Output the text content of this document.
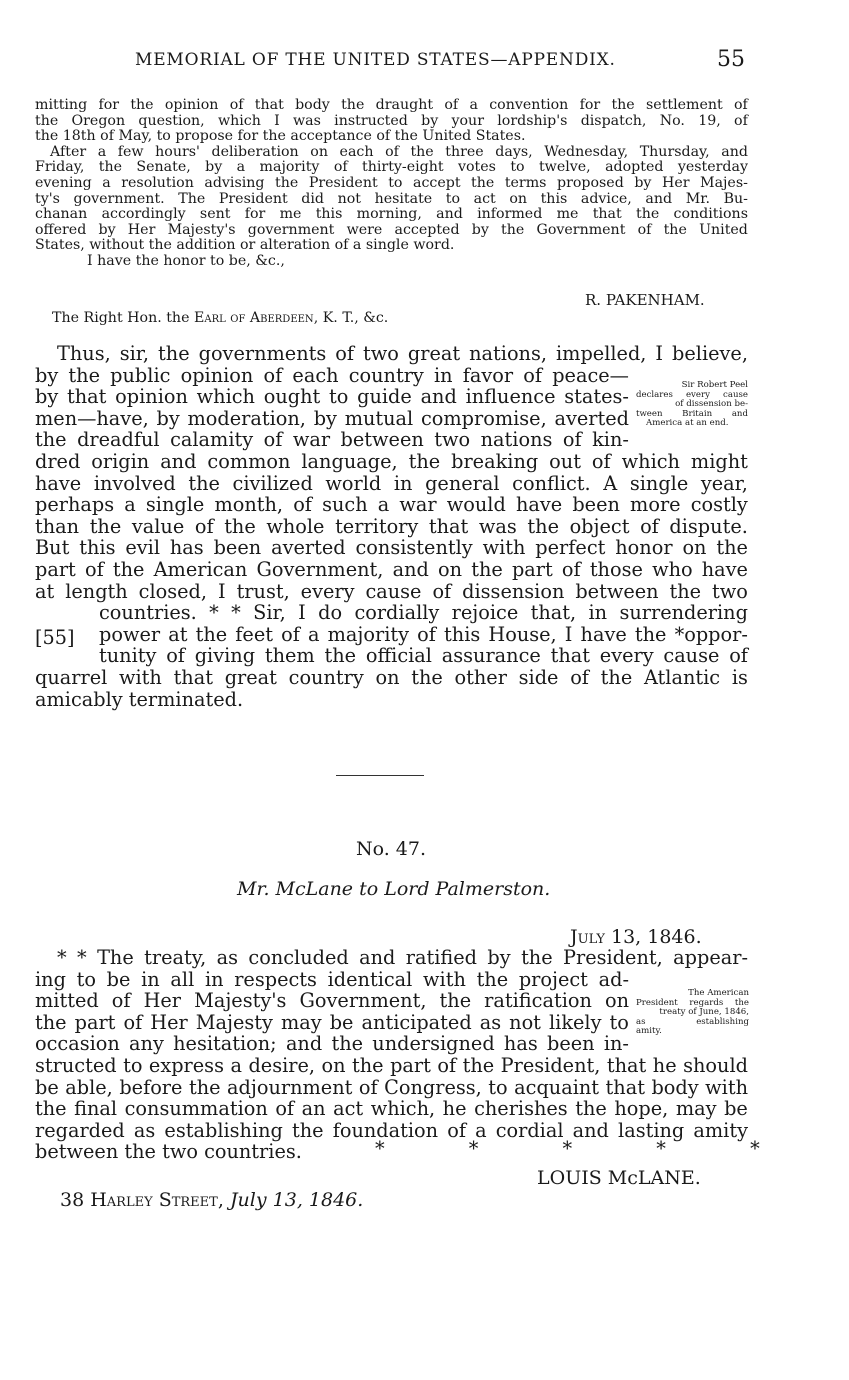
MEMORIAL OF THE UNITED STATES—APPENDIX.	55
mitting for the opinion of that body the draught of a convention for the settlement of
the Oregon question, which I was instructed by your lordship's dispatch, No. 19, of
the 18th of May, to propose for the acceptance of the United States.
After a few hours' deliberation on each of the three days, Wednesday, Thursday, and
Friday, the Senate, by a majority of thirty-eight votes to twelve, adopted yesterday
evening a resolution advising the President to accept the terms proposed by Her Majes-
ty's government. The President did not hesitate to act on this advice, and Mr. Bu-
chanan accordingly sent for me this morning, and informed me that the conditions
offered by Her Majesty's government were accepted by the Government of the United
States, without the addition or alteration of a single word.
I have the honor to be, &c.,
R. PAKENHAM.
The Right Hon. the Earl of Aberdeen, K. T., &c.
Thus, sir, the governments of two great nations, impelled, I believe,
by the public opinion of each country in favor of peace—
by that opinion which ought to guide and influence states-
men—have, by moderation, by mutual compromise, averted
the dreadful calamity of war between two nations of kin-
dred origin and common language, the breaking out of which might
have involved the civilized world in general conflict. A single year,
perhaps a single month, of such a war would have been more costly
than the value of the whole territory that was the object of dispute.
But this evil has been averted consistently with perfect honor on the
part of the American Government, and on the part of those who have
at length closed, I trust, every cause of dissension between the two
countries. * * Sir, I do cordially rejoice that, in surrendering
power at the feet of a majority of this House, I have the *oppor-
tunity of giving them the official assurance that every cause of
quarrel with that great country on the other side of the Atlantic is
amicably terminated.
[55]
Sir Robert Peel
declares every cause
of dissension be-
tween Britain and
America at an end.
No. 47.
Mr. McLane to Lord Palmerston.
July 13, 1846.
* * The treaty, as concluded and ratified by the President, appear-
ing to be in all in respects identical with the project ad-
mitted of Her Majesty's Government, the ratification on
the part of Her Majesty may be anticipated as not likely to
occasion any hesitation; and the undersigned has been in-
structed to express a desire, on the part of the President, that he should
be able, before the adjournment of Congress, to acquaint that body with
the final consummation of an act which, he cherishes the hope, may be
regarded as establishing the foundation of a cordial and lasting amity
between the two countries.	* * * * *
The American
President regards the
treaty of June, 1846,
as	establishing
amity.
LOUIS McLANE.
38 Harley Street, July 13, 1846.
